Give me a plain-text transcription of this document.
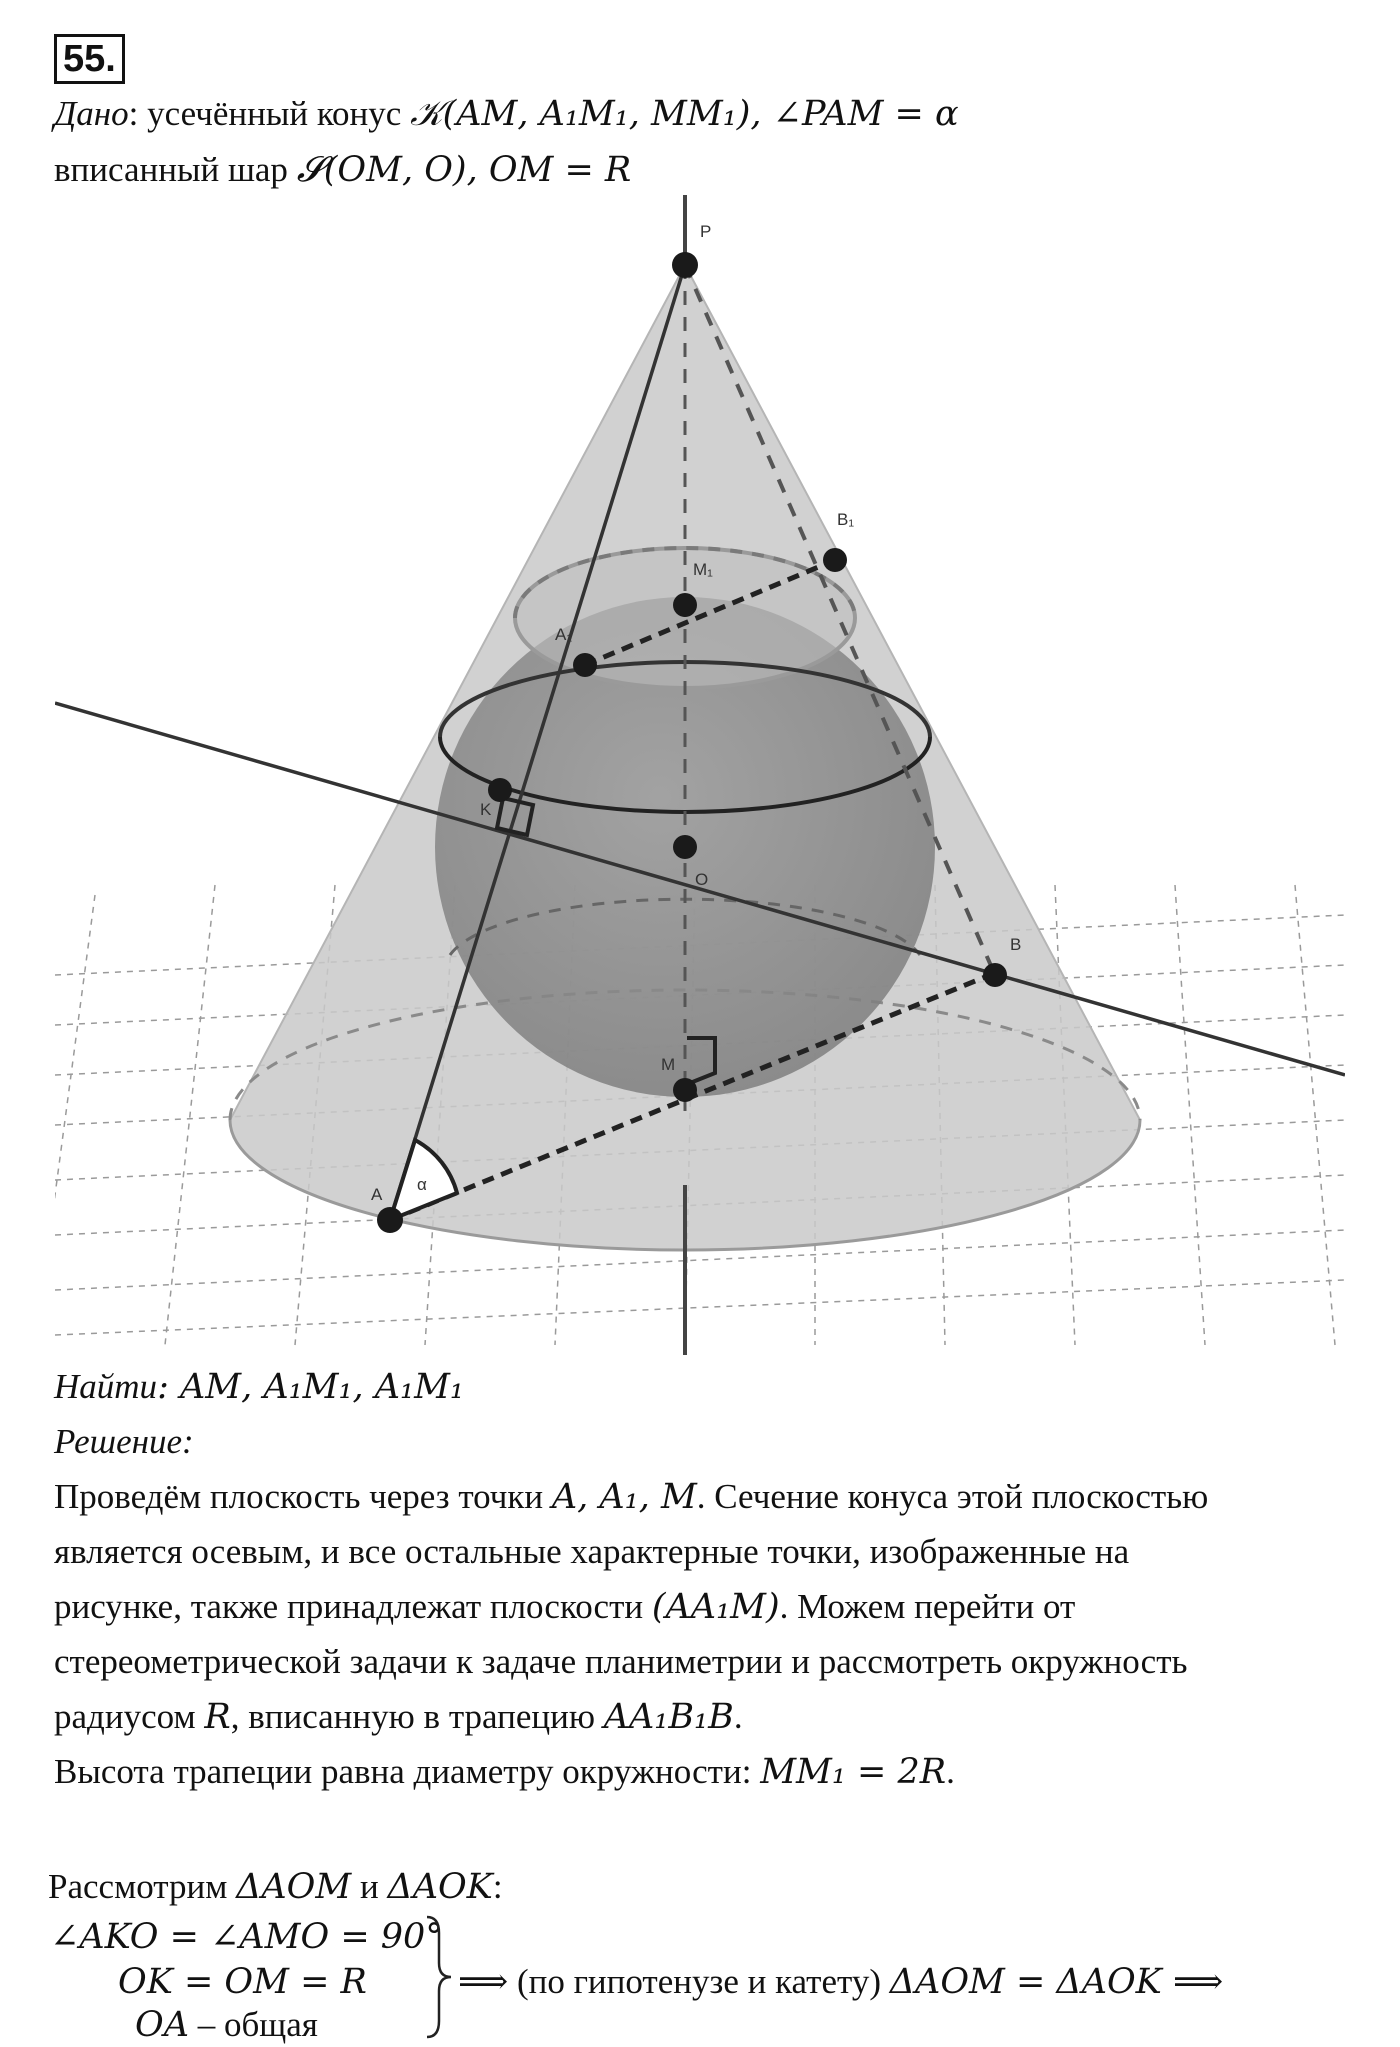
55.
Дано: усечённый конус 𝒦(AM, A₁M₁, MM₁), ∠PAM = α
вписанный шар 𝓢(OM, O), OM = R
P
B₁
M₁
A₁
K
O
B
M
A
α
Найти: AM, A₁M₁, A₁M₁
Решение:
Проведём плоскость через точки A, A₁, M. Сечение конуса этой плоскостью
является осевым, и все остальные характерные точки, изображенные на
рисунке, также принадлежат плоскости (AA₁M). Можем перейти от
стереометрической задачи к задаче планиметрии и рассмотреть окружность
радиусом R, вписанную в трапецию AA₁B₁B.
Высота трапеции равна диаметру окружности: MM₁ = 2R.
Рассмотрим ΔAOM и ΔAOK:
∠AKO = ∠AMO = 90°
OK = OM = R
OA – общая
⟹ (по гипотенузе и катету) ΔAOM = ΔAOK ⟹
